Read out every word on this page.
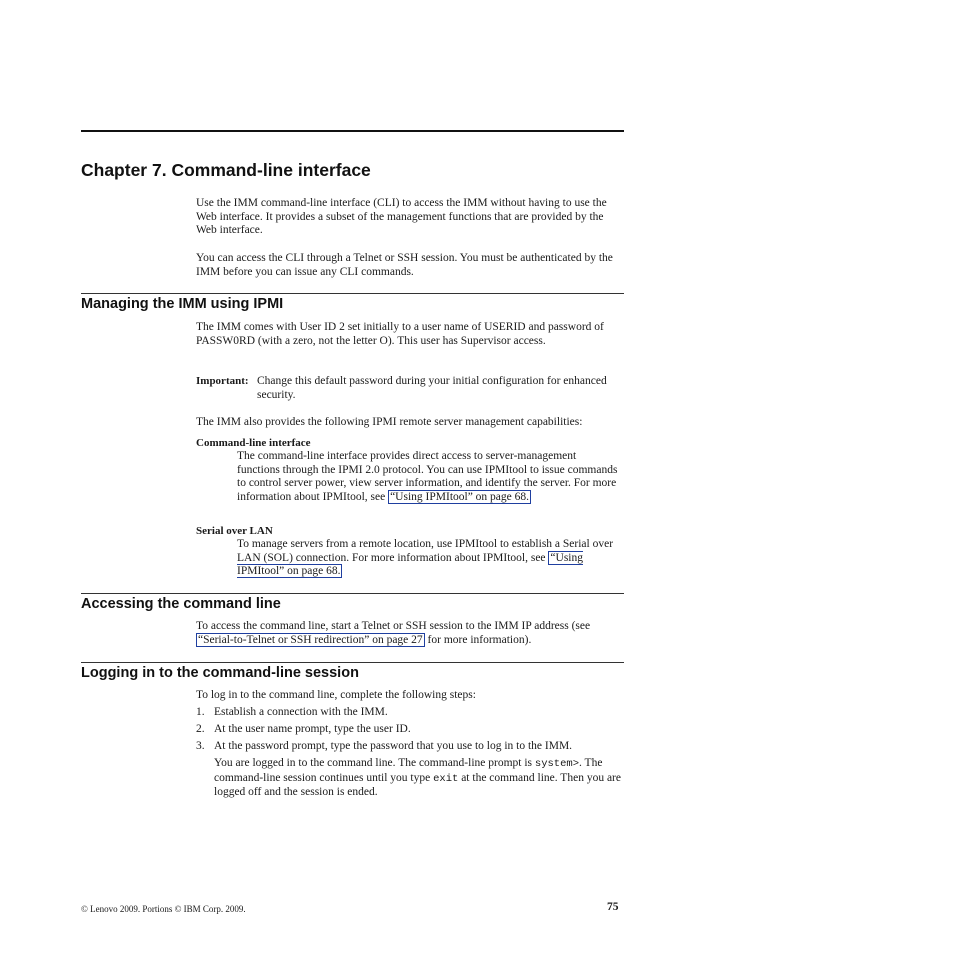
Chapter 7. Command-line interface
Use the IMM command-line interface (CLI) to access the IMM without having to use the Web interface. It provides a subset of the management functions that are provided by the Web interface.
You can access the CLI through a Telnet or SSH session. You must be authenticated by the IMM before you can issue any CLI commands.
Managing the IMM using IPMI
The IMM comes with User ID 2 set initially to a user name of USERID and password of PASSW0RD (with a zero, not the letter O). This user has Supervisor access.
Important: Change this default password during your initial configuration for enhanced security.
The IMM also provides the following IPMI remote server management capabilities:
Command-line interface
The command-line interface provides direct access to server-management functions through the IPMI 2.0 protocol. You can use IPMItool to issue commands to control server power, view server information, and identify the server. For more information about IPMItool, see “Using IPMItool” on page 68.
Serial over LAN
To manage servers from a remote location, use IPMItool to establish a Serial over LAN (SOL) connection. For more information about IPMItool, see “Using IPMItool” on page 68.
Accessing the command line
To access the command line, start a Telnet or SSH session to the IMM IP address (see “Serial-to-Telnet or SSH redirection” on page 27 for more information).
Logging in to the command-line session
To log in to the command line, complete the following steps:
1. Establish a connection with the IMM.
2. At the user name prompt, type the user ID.
3. At the password prompt, type the password that you use to log in to the IMM.
You are logged in to the command line. The command-line prompt is system>. The command-line session continues until you type exit at the command line. Then you are logged off and the session is ended.
© Lenovo 2009. Portions © IBM Corp. 2009.	75
